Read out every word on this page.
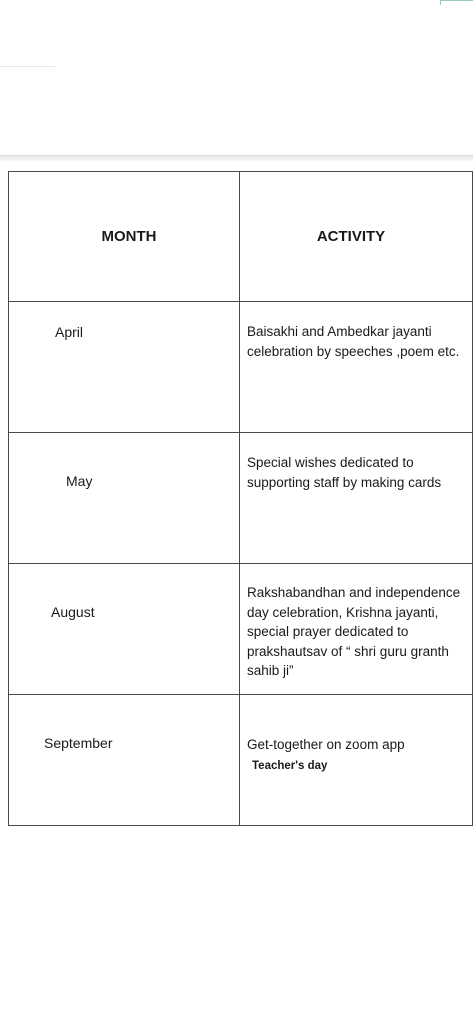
MONTH	ACTIVITY

April	Baisakhi and Ambedkar jayanti celebration by speeches ,poem etc.

May	Special wishes dedicated to supporting staff by making cards

August	Rakshabandhan and independence day celebration, Krishna jayanti, special prayer dedicated to prakshautsav of “ shri guru granth sahib ji”

September	Get-together on zoom app
Teacher's day
